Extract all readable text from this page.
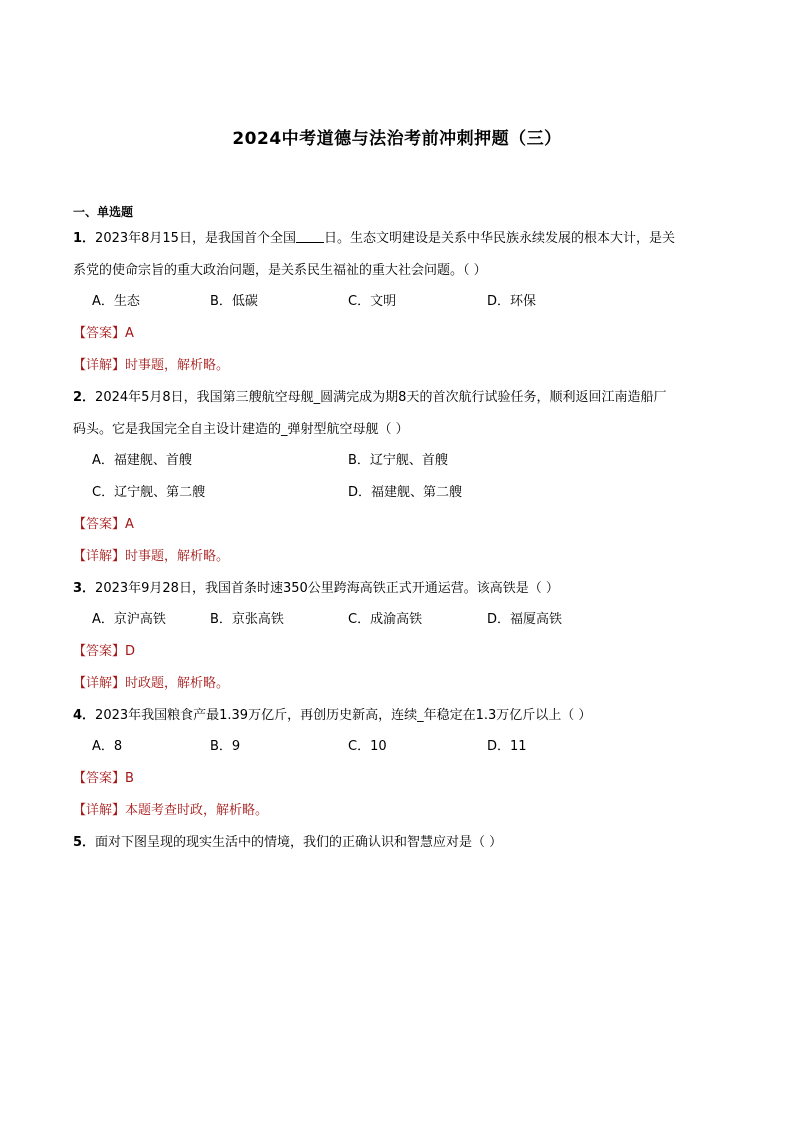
2024中考道德与法治考前冲刺押题（三）
一、单选题
1．2023年8月15日，是我国首个全国 日。生态文明建设是关系中华民族永续发展的根本大计，是关
系党的使命宗旨的重大政治问题，是关系民生福祉的重大社会问题。（ ）
A．生态	B．低碳	C．文明	D．环保
【答案】A
【详解】时事题，解析略。
2．2024年5月8日，我国第三艘航空母舰_圆满完成为期8天的首次航行试验任务，顺利返回江南造船厂
码头。它是我国完全自主设计建造的_弹射型航空母舰（ ）
A．福建舰、首艘	B．辽宁舰、首艘
C．辽宁舰、第二艘	D．福建舰、第二艘
【答案】A
【详解】时事题，解析略。
3．2023年9月28日，我国首条时速350公里跨海高铁正式开通运营。该高铁是（ ）
A．京沪高铁	B．京张高铁	C．成渝高铁	D．福厦高铁
【答案】D
【详解】时政题，解析略。
4．2023年我国粮食产最1.39万亿斤，再创历史新高，连续_年稳定在1.3万亿斤以上（ ）
A．8	B．9	C．10	D．11
【答案】B
【详解】本题考查时政，解析略。
5．面对下图呈现的现实生活中的情境，我们的正确认识和智慧应对是（ ）
